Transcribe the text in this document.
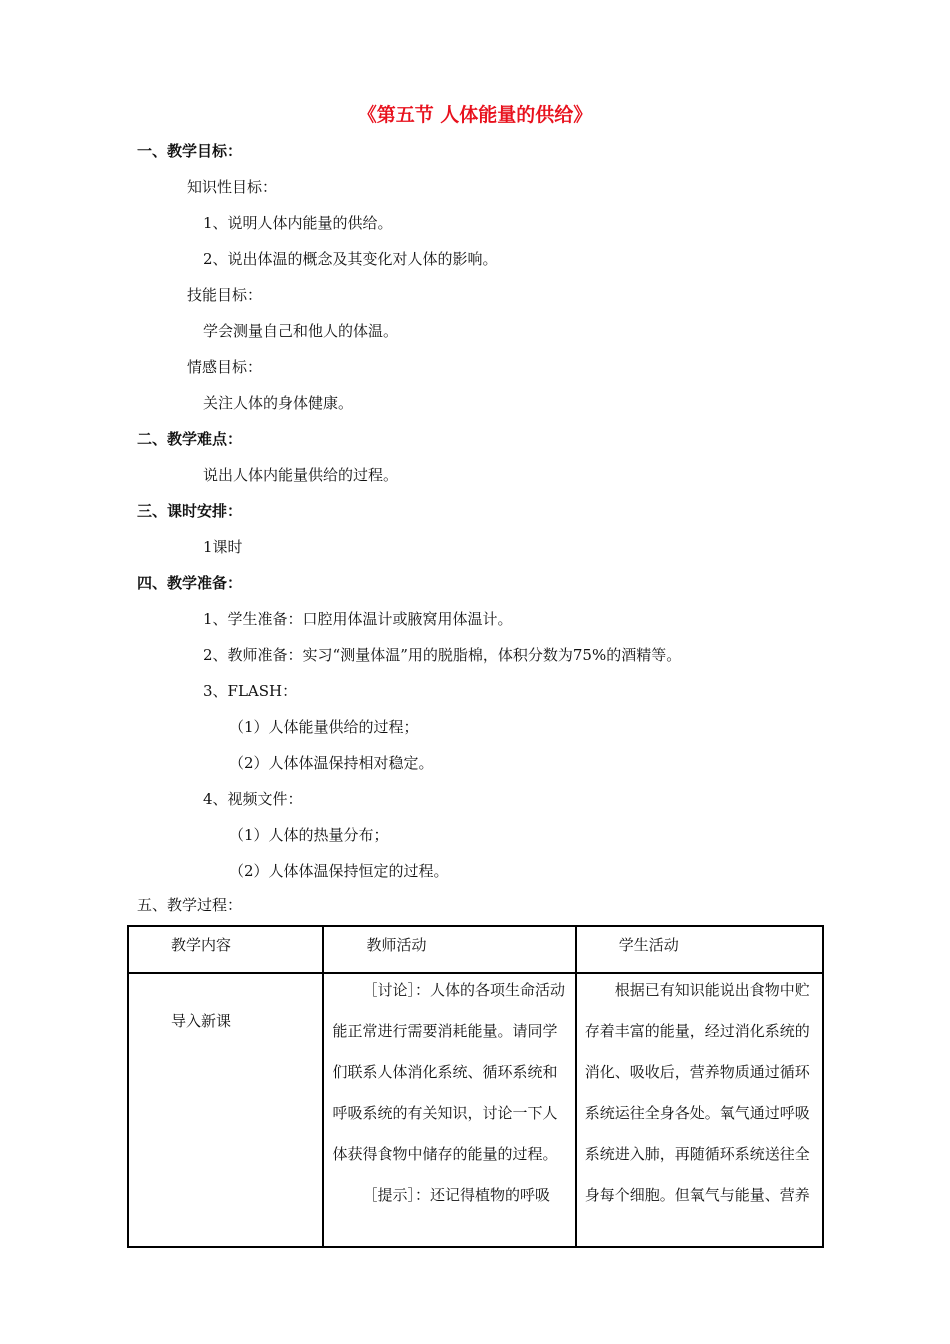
《第五节 人体能量的供给》
一、教学目标：
知识性目标：
1、说明人体内能量的供给。
2、说出体温的概念及其变化对人体的影响。
技能目标：
学会测量自己和他人的体温。
情感目标：
关注人体的身体健康。
二、教学难点：
说出人体内能量供给的过程。
三、课时安排：
1课时
四、教学准备：
1、学生准备：口腔用体温计或腋窝用体温计。
2、教师准备：实习“测量体温”用的脱脂棉，体积分数为75%的酒精等。
3、FLASH：
（1）人体能量供给的过程；
（2）人体体温保持相对稳定。
4、视频文件：
（1）人体的热量分布；
（2）人体体温保持恒定的过程。
五、教学过程：
教学内容	教师活动	学生活动

导入新课	［讨论］：人体的各项生命活动能正常进行需要消耗能量。请同学们联系人体消化系统、循环系统和呼吸系统的有关知识，讨论一下人体获得食物中储存的能量的过程。
［提示］：还记得植物的呼吸	根据已有知识能说出食物中贮存着丰富的能量，经过消化系统的消化、吸收后，营养物质通过循环系统运往全身各处。氧气通过呼吸系统进入肺，再随循环系统送往全身每个细胞。但氧气与能量、营养
